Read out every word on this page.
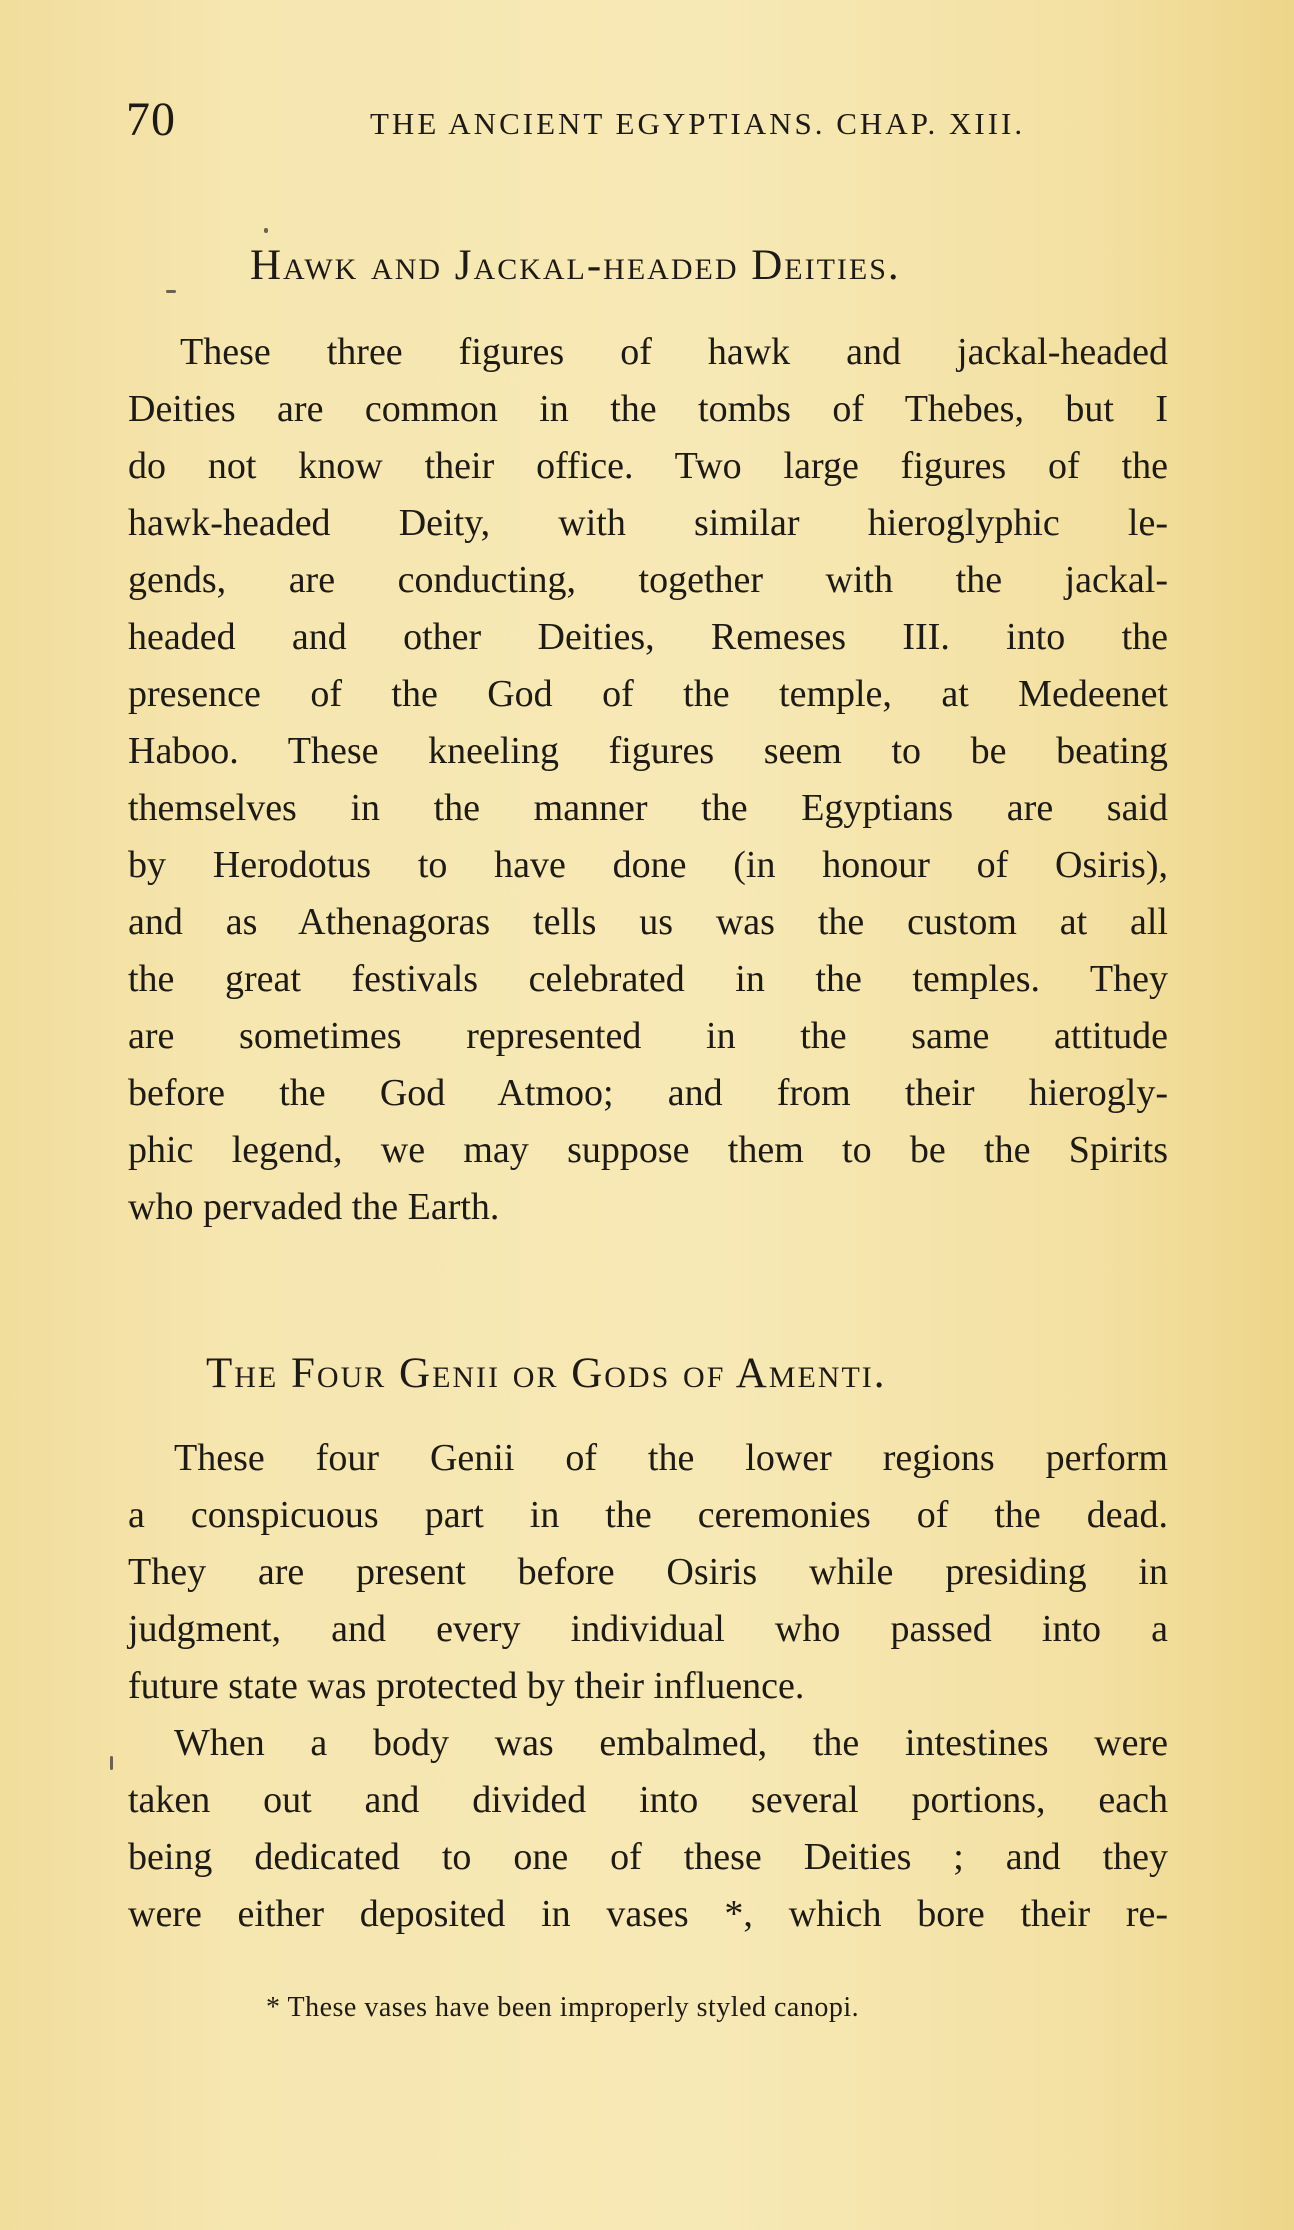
70	THE ANCIENT EGYPTIANS. CHAP. XIII.
Hawk and Jackal-headed Deities.
These three figures of hawk and jackal-headed
Deities are common in the tombs of Thebes, but I
do not know their office. Two large figures of the
hawk-headed Deity, with similar hieroglyphic le-
gends, are conducting, together with the jackal-
headed and other Deities, Remeses III. into the
presence of the God of the temple, at Medeenet
Haboo. These kneeling figures seem to be beating
themselves in the manner the Egyptians are said
by Herodotus to have done (in honour of Osiris),
and as Athenagoras tells us was the custom at all
the great festivals celebrated in the temples. They
are sometimes represented in the same attitude
before the God Atmoo; and from their hierogly-
phic legend, we may suppose them to be the Spirits
who pervaded the Earth.
The Four Genii or Gods of Amenti.
These four Genii of the lower regions perform
a conspicuous part in the ceremonies of the dead.
They are present before Osiris while presiding in
judgment, and every individual who passed into a
future state was protected by their influence.
When a body was embalmed, the intestines were
taken out and divided into several portions, each
being dedicated to one of these Deities ; and they
were either deposited in vases *, which bore their re-
* These vases have been improperly styled canopi.
